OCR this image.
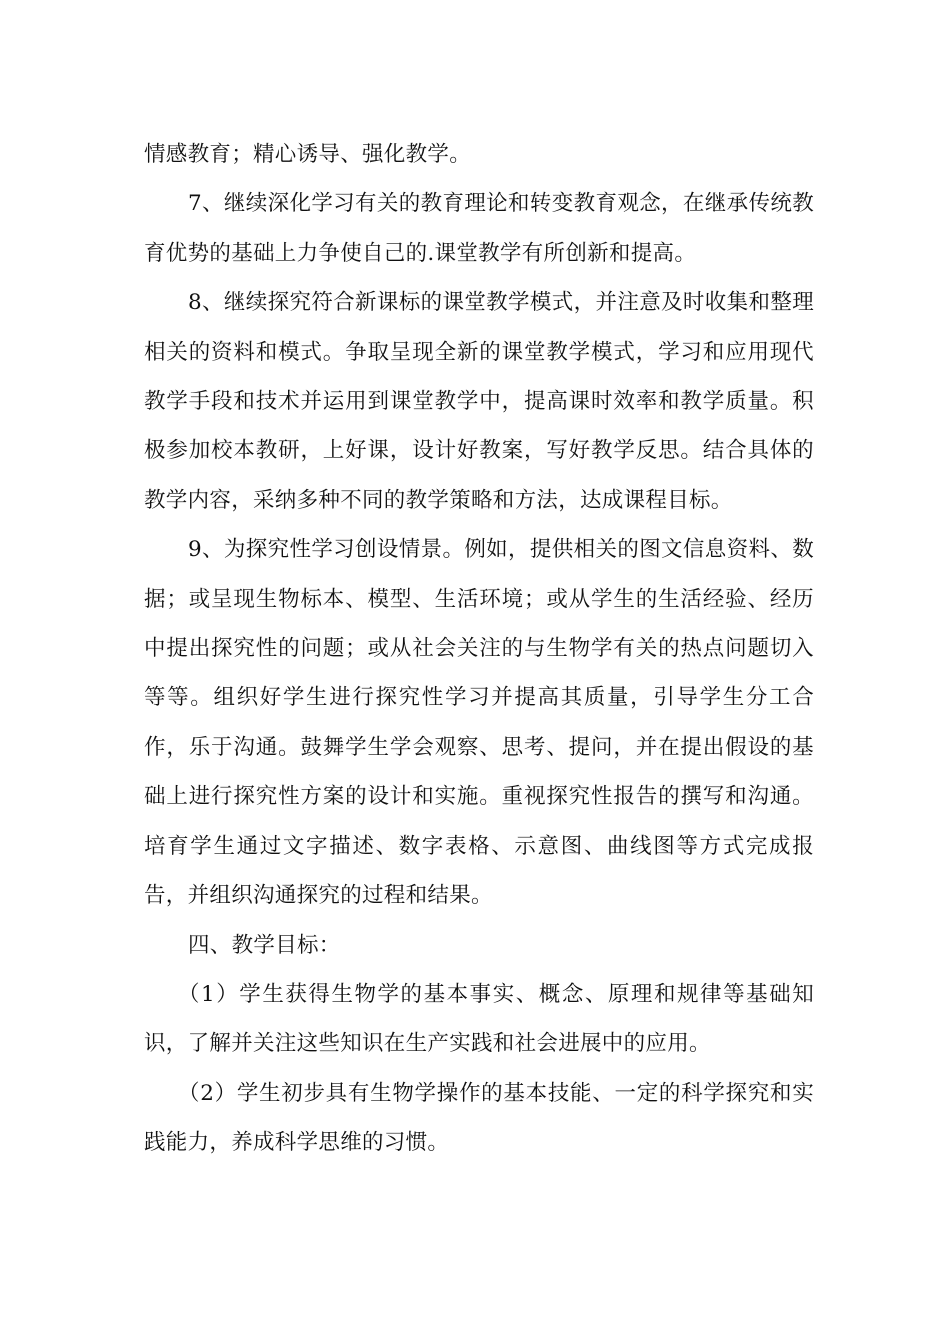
情感教育；精心诱导、强化教学。

7、继续深化学习有关的教育理论和转变教育观念，在继承传统教育优势的基础上力争使自己的.课堂教学有所创新和提高。

8、继续探究符合新课标的课堂教学模式，并注意及时收集和整理相关的资料和模式。争取呈现全新的课堂教学模式，学习和应用现代教学手段和技术并运用到课堂教学中，提高课时效率和教学质量。积极参加校本教研，上好课，设计好教案，写好教学反思。结合具体的教学内容，采纳多种不同的教学策略和方法，达成课程目标。

9、为探究性学习创设情景。例如，提供相关的图文信息资料、数据；或呈现生物标本、模型、生活环境；或从学生的生活经验、经历中提出探究性的问题；或从社会关注的与生物学有关的热点问题切入等等。组织好学生进行探究性学习并提高其质量，引导学生分工合作，乐于沟通。鼓舞学生学会观察、思考、提问，并在提出假设的基础上进行探究性方案的设计和实施。重视探究性报告的撰写和沟通。培育学生通过文字描述、数字表格、示意图、曲线图等方式完成报告，并组织沟通探究的过程和结果。

四、教学目标：

（1）学生获得生物学的基本事实、概念、原理和规律等基础知识，了解并关注这些知识在生产实践和社会进展中的应用。

（2）学生初步具有生物学操作的基本技能、一定的科学探究和实践能力，养成科学思维的习惯。
